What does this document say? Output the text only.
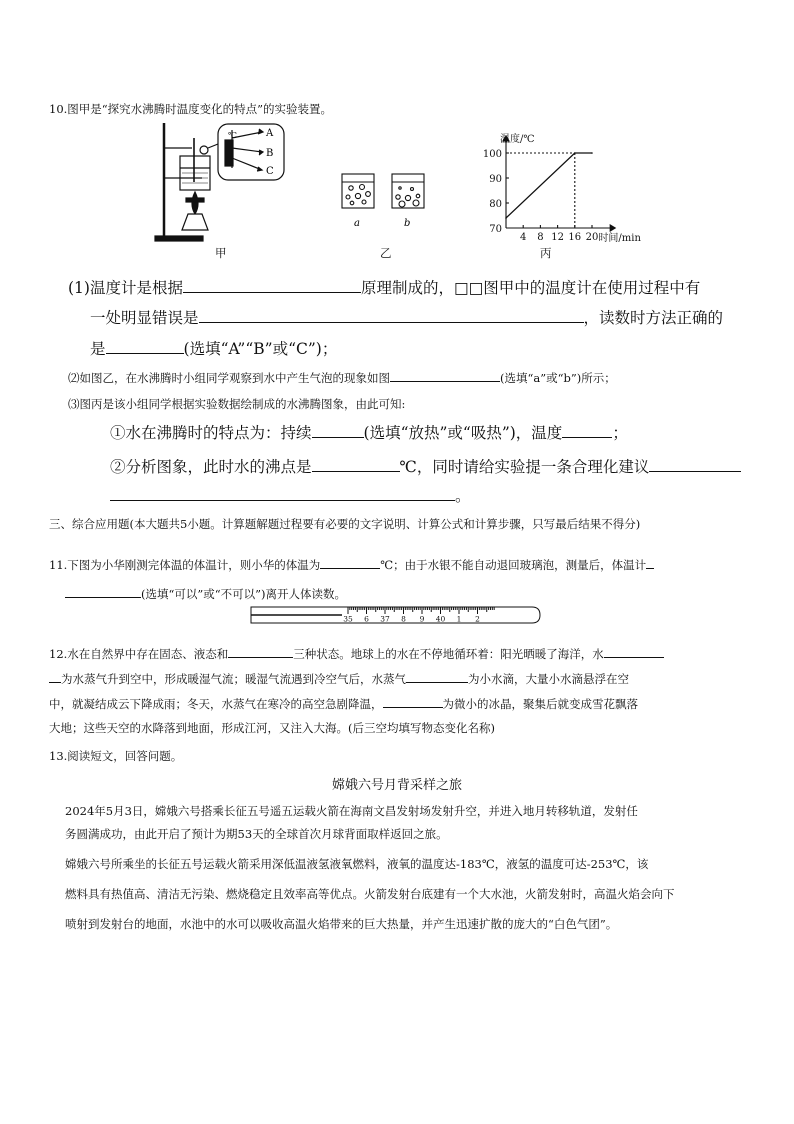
10.图甲是“探究水沸腾时温度变化的特点”的实验装置。
℃	A
B
C
甲
a	b
乙
70
80
90
100
4 8 12 16 20
温度/℃
时间/min
丙
(1)温度计是根据	原理制成的，□□图甲中的温度计在使用过程中有
一处明显错误是	，读数时方法正确的
是	(选填“A”“B”或“C”)；
⑵如图乙，在水沸腾时小组同学观察到水中产生气泡的现象如图	(选填“a”或“b”)所示；
⑶图丙是该小组同学根据实验数据绘制成的水沸腾图象，由此可知:
①水在沸腾时的特点为：持续	(选填“放热”或“吸热”)，温度	；
②分析图象，此时水的沸点是	℃，同时请给实验提一条合理化建议
。
三、综合应用题(本大题共5小题。计算题解题过程要有必要的文字说明、计算公式和计算步骤，只写最后结果不得分)
11.下图为小华刚测完体温的体温计，则小华的体温为	℃；由于水银不能自动退回玻璃泡，测量后，体温计
(选填“可以”或“不可以”)离开人体读数。
35 6 37 8 9 40 1 2
12.水在自然界中存在固态、液态和	三种状态。地球上的水在不停地循环着：阳光晒暖了海洋，水
为水蒸气升到空中，形成暖湿气流；暖湿气流遇到冷空气后，水蒸气	为小水滴，大量小水滴悬浮在空
中，就凝结成云下降成雨；冬天，水蒸气在寒冷的高空急剧降温，	为微小的冰晶，聚集后就变成雪花飘落
大地；这些天空的水降落到地面，形成江河，又注入大海。(后三空均填写物态变化名称)
13.阅读短文，回答问题。
嫦娥六号月背采样之旅
2024年5月3日，嫦娥六号搭乘长征五号遥五运载火箭在海南文昌发射场发射升空，并进入地月转移轨道，发射任
务圆满成功，由此开启了预计为期53天的全球首次月球背面取样返回之旅。
嫦娥六号所乘坐的长征五号运载火箭采用深低温液氢液氧燃料，液氧的温度达-183℃，液氢的温度可达-253℃，该
燃料具有热值高、清洁无污染、燃烧稳定且效率高等优点。火箭发射台底建有一个大水池，火箭发射时，高温火焰会向下
喷射到发射台的地面，水池中的水可以吸收高温火焰带来的巨大热量，并产生迅速扩散的庞大的“白色气团”。
